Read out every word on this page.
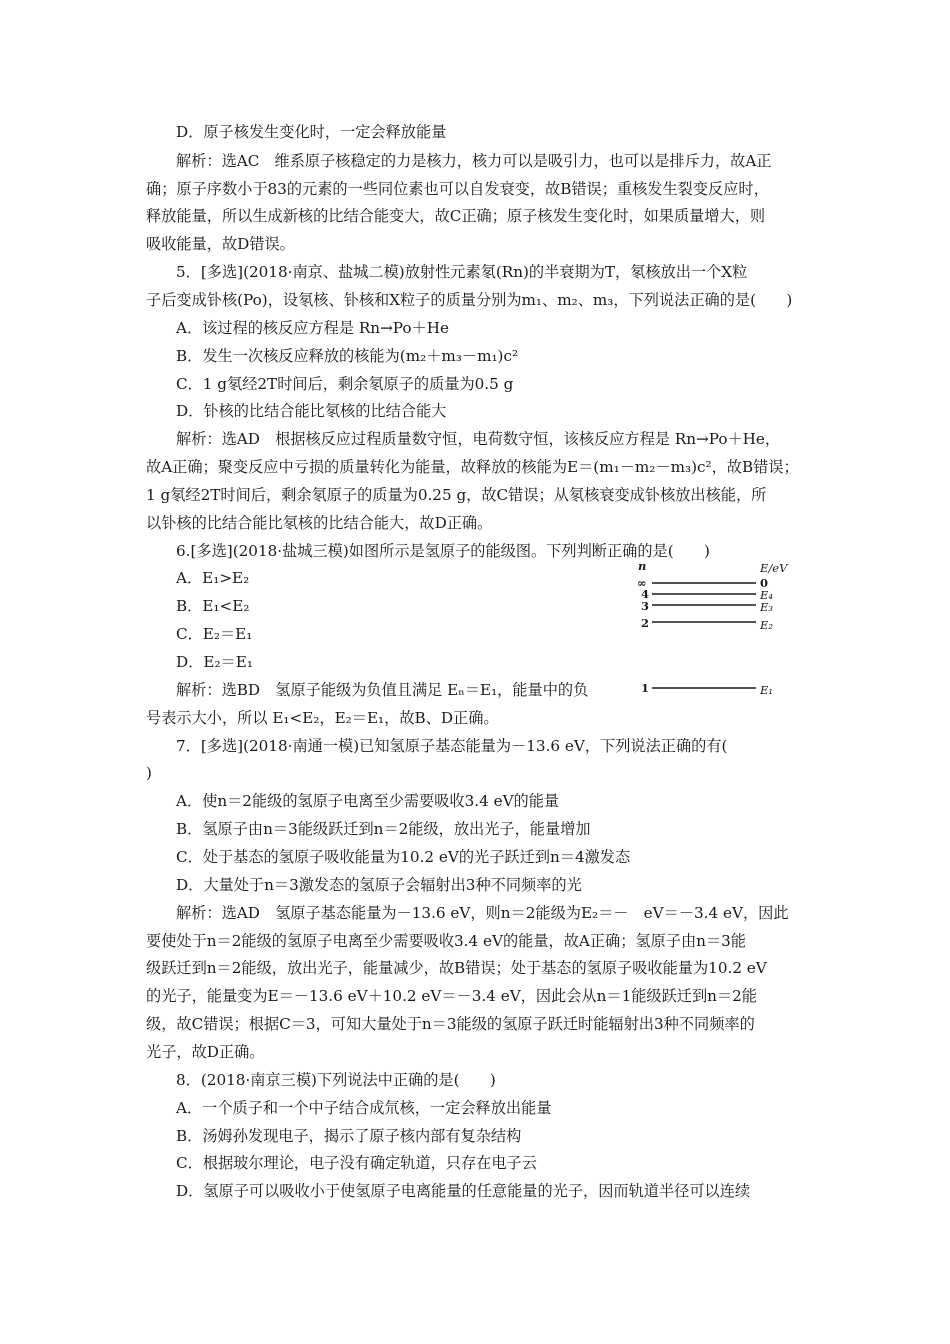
D．原子核发生变化时，一定会释放能量
解析：选AC　维系原子核稳定的力是核力，核力可以是吸引力，也可以是排斥力，故A正
确；原子序数小于83的元素的一些同位素也可以自发衰变，故B错误；重核发生裂变反应时，
释放能量，所以生成新核的比结合能变大，故C正确；原子核发生变化时，如果质量增大，则
吸收能量，故D错误。
5．[多选](2018·南京、盐城二模)放射性元素氡(Rn)的半衰期为T，氡核放出一个X粒
子后变成钋核(Po)，设氡核、钋核和X粒子的质量分别为m₁、m₂、m₃，下列说法正确的是(　　)
A．该过程的核反应方程是 Rn→Po＋He
B．发生一次核反应释放的核能为(m₂＋m₃－m₁)c²
C．1 g氡经2T时间后，剩余氡原子的质量为0.5 g
D．钋核的比结合能比氡核的比结合能大
解析：选AD　根据核反应过程质量数守恒，电荷数守恒，该核反应方程是 Rn→Po＋He，
故A正确；聚变反应中亏损的质量转化为能量，故释放的核能为E＝(m₁－m₂－m₃)c²，故B错误；
1 g氡经2T时间后，剩余氡原子的质量为0.25 g，故C错误；从氡核衰变成钋核放出核能，所
以钋核的比结合能比氡核的比结合能大，故D正确。
6.[多选](2018·盐城三模)如图所示是氢原子的能级图。下列判断正确的是(　　)
A．E₁>E₂
B．E₁<E₂
C．E₂＝E₁
D．E₂＝E₁
解析：选BD　氢原子能级为负值且满足 Eₙ＝E₁，能量中的负
号表示大小，所以 E₁<E₂，E₂＝E₁，故B、D正确。
7．[多选](2018·南通一模)已知氢原子基态能量为－13.6 eV，下列说法正确的有(
)
A．使n＝2能级的氢原子电离至少需要吸收3.4 eV的能量
B．氢原子由n＝3能级跃迁到n＝2能级，放出光子，能量增加
C．处于基态的氢原子吸收能量为10.2 eV的光子跃迁到n＝4激发态
D．大量处于n＝3激发态的氢原子会辐射出3种不同频率的光
解析：选AD　氢原子基态能量为－13.6 eV，则n＝2能级为E₂＝－　eV＝－3.4 eV，因此
要使处于n＝2能级的氢原子电离至少需要吸收3.4 eV的能量，故A正确；氢原子由n＝3能
级跃迁到n＝2能级，放出光子，能量减少，故B错误；处于基态的氢原子吸收能量为10.2 eV
的光子，能量变为E＝－13.6 eV＋10.2 eV＝－3.4 eV，因此会从n＝1能级跃迁到n＝2能
级，故C错误；根据C＝3，可知大量处于n＝3能级的氢原子跃迁时能辐射出3种不同频率的
光子，故D正确。
8．(2018·南京三模)下列说法中正确的是(　　)
A．一个质子和一个中子结合成氘核，一定会释放出能量
B．汤姆孙发现电子，揭示了原子核内部有复杂结构
C．根据玻尔理论，电子没有确定轨道，只存在电子云
D．氢原子可以吸收小于使氢原子电离能量的任意能量的光子，因而轨道半径可以连续
n	E/eV
∞	0
4	E₄
3	E₃
2	E₂
1	E₁
